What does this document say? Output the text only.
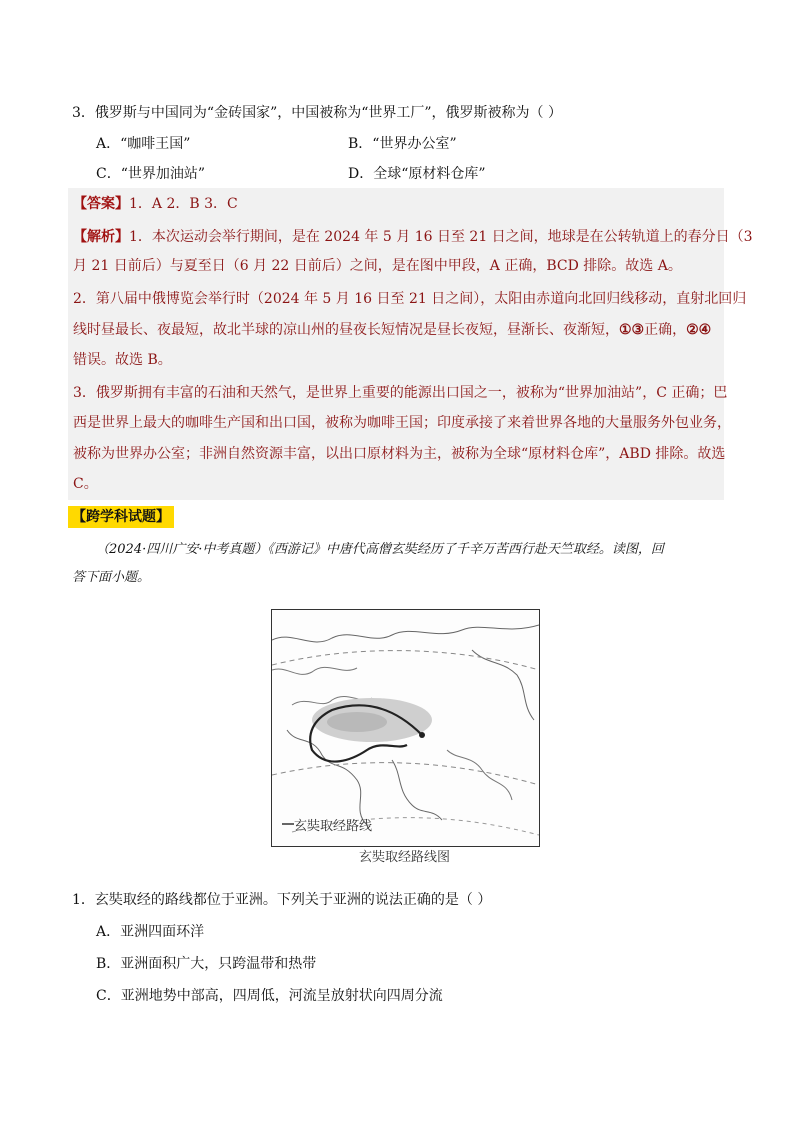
3．俄罗斯与中国同为“金砖国家”，中国被称为“世界工厂”，俄罗斯被称为（ ）
A．“咖啡王国”	B．“世界办公室”
C．“世界加油站”	D．全球“原材料仓库”
【答案】1．A 2．B 3．C
【解析】1．本次运动会举行期间，是在 2024 年 5 月 16 日至 21 日之间，地球是在公转轨道上的春分日（3
月 21 日前后）与夏至日（6 月 22 日前后）之间，是在图中甲段，A 正确，BCD 排除。故选 A。
2．第八届中俄博览会举行时（2024 年 5 月 16 日至 21 日之间），太阳由赤道向北回归线移动，直射北回归
线时昼最长、夜最短，故北半球的凉山州的昼夜长短情况是昼长夜短，昼渐长、夜渐短，①③正确，②④
错误。故选 B。
3．俄罗斯拥有丰富的石油和天然气，是世界上重要的能源出口国之一，被称为“世界加油站”，C 正确；巴
西是世界上最大的咖啡生产国和出口国，被称为咖啡王国；印度承接了来着世界各地的大量服务外包业务，
被称为世界办公室；非洲自然资源丰富，以出口原材料为主，被称为全球“原材料仓库”，ABD 排除。故选
C。
【跨学科试题】
（2024·四川广安·中考真题）《西游记》中唐代高僧玄奘经历了千辛万苦西行赴天竺取经。读图，回
答下面小题。
玄奘取经路线
玄奘取经路线图
1．玄奘取经的路线都位于亚洲。下列关于亚洲的说法正确的是（ ）
A．亚洲四面环洋
B．亚洲面积广大，只跨温带和热带
C．亚洲地势中部高，四周低，河流呈放射状向四周分流
